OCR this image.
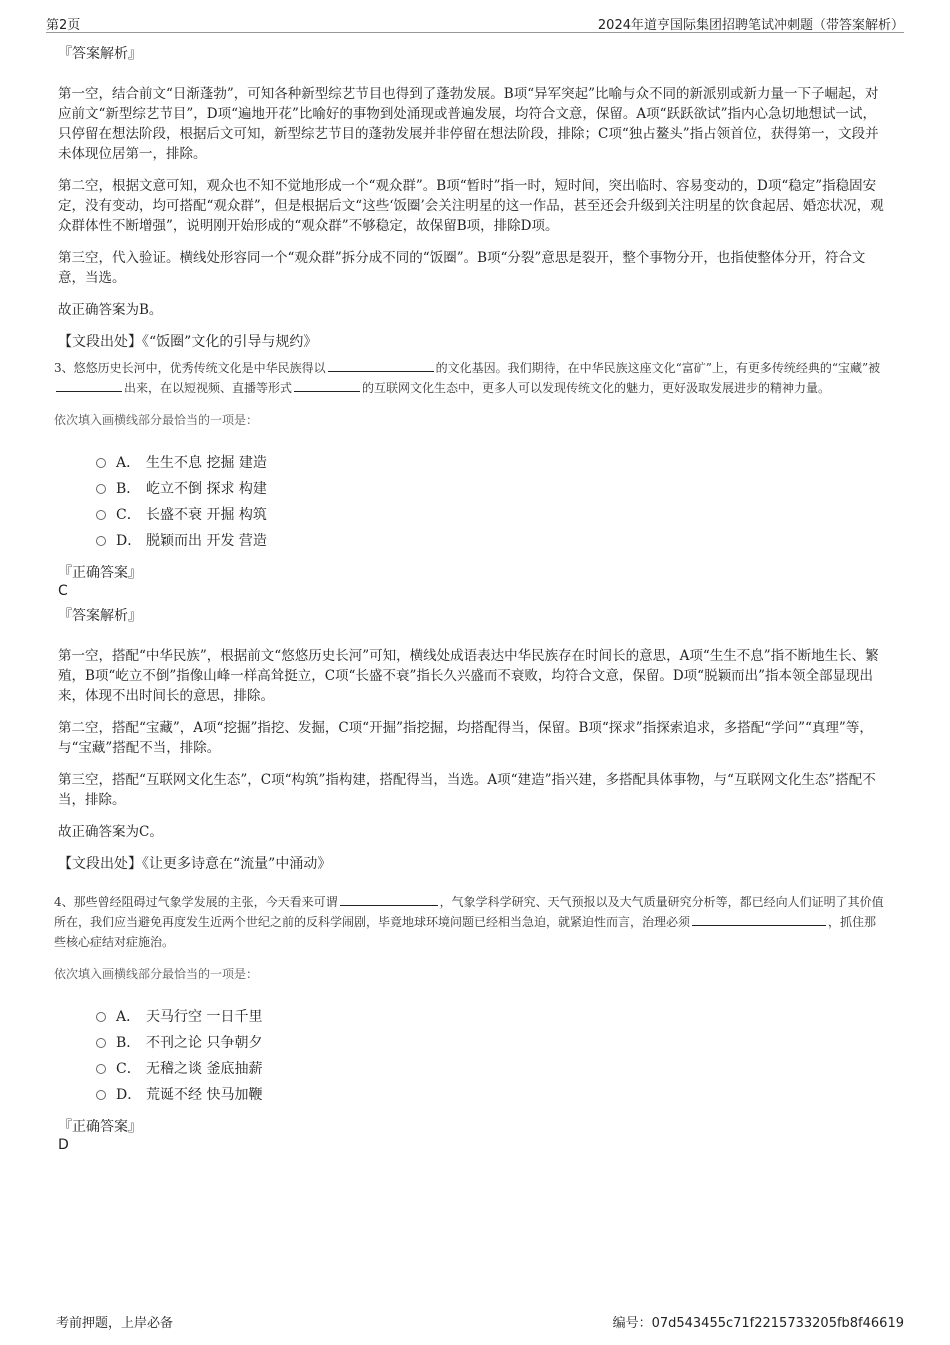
第2页	2024年道亨国际集团招聘笔试冲刺题（带答案解析）
『答案解析』

第一空，结合前文“日渐蓬勃”，可知各种新型综艺节目也得到了蓬勃发展。B项“异军突起”比喻与众不同的新派别或新力量一下子崛起，对应前文“新型综艺节目”，D项“遍地开花”比喻好的事物到处涌现或普遍发展，均符合文意，保留。A项“跃跃欲试”指内心急切地想试一试，只停留在想法阶段，根据后文可知，新型综艺节目的蓬勃发展并非停留在想法阶段，排除；C项“独占鳌头”指占领首位，获得第一，文段并未体现位居第一，排除。

第二空，根据文意可知，观众也不知不觉地形成一个“观众群”。B项“暂时”指一时，短时间，突出临时、容易变动的，D项“稳定”指稳固安定，没有变动，均可搭配“观众群”，但是根据后文“这些‘饭圈’会关注明星的这一作品，甚至还会升级到关注明星的饮食起居、婚恋状况，观众群体性不断增强”，说明刚开始形成的“观众群”不够稳定，故保留B项，排除D项。

第三空，代入验证。横线处形容同一个“观众群”拆分成不同的“饭圈”。B项“分裂”意思是裂开，整个事物分开，也指使整体分开，符合文意，当选。

故正确答案为B。

【文段出处】《“饭圈”文化的引导与规约》

3、悠悠历史长河中，优秀传统文化是中华民族得以	的文化基因。我们期待，在中华民族这座文化“富矿”上，有更多传统经典的“宝藏”被出来，在以短视频、直播等形式	的互联网文化生态中，更多人可以发现传统文化的魅力，更好汲取发展进步的精神力量。

依次填入画横线部分最恰当的一项是：
A． 生生不息 挖掘 建造
B． 屹立不倒 探求 构建
C． 长盛不衰 开掘 构筑
D． 脱颖而出 开发 营造
『正确答案』
C
『答案解析』

第一空，搭配“中华民族”，根据前文“悠悠历史长河”可知，横线处成语表达中华民族存在时间长的意思，A项“生生不息”指不断地生长、繁殖，B项“屹立不倒”指像山峰一样高耸挺立，C项“长盛不衰”指长久兴盛而不衰败，均符合文意，保留。D项“脱颖而出”指本领全部显现出来，体现不出时间长的意思，排除。

第二空，搭配“宝藏”，A项“挖掘”指挖、发掘，C项“开掘”指挖掘，均搭配得当，保留。B项“探求”指探索追求，多搭配“学问”“真理”等，与“宝藏”搭配不当，排除。

第三空，搭配“互联网文化生态”，C项“构筑”指构建，搭配得当，当选。A项“建造”指兴建，多搭配具体事物，与“互联网文化生态”搭配不当，排除。

故正确答案为C。

【文段出处】《让更多诗意在“流量”中涌动》

4、那些曾经阻碍过气象学发展的主张，今天看来可谓	，气象学科学研究、天气预报以及大气质量研究分析等，都已经向人们证明了其价值所在，我们应当避免再度发生近两个世纪之前的反科学闹剧，毕竟地球环境问题已经相当急迫，就紧迫性而言，治理必须	，抓住那些核心症结对症施治。

依次填入画横线部分最恰当的一项是：
A． 天马行空 一日千里
B． 不刊之论 只争朝夕
C． 无稽之谈 釜底抽薪
D． 荒诞不经 快马加鞭
『正确答案』
D
考前押题，上岸必备	编号：07d543455c71f2215733205fb8f46619
